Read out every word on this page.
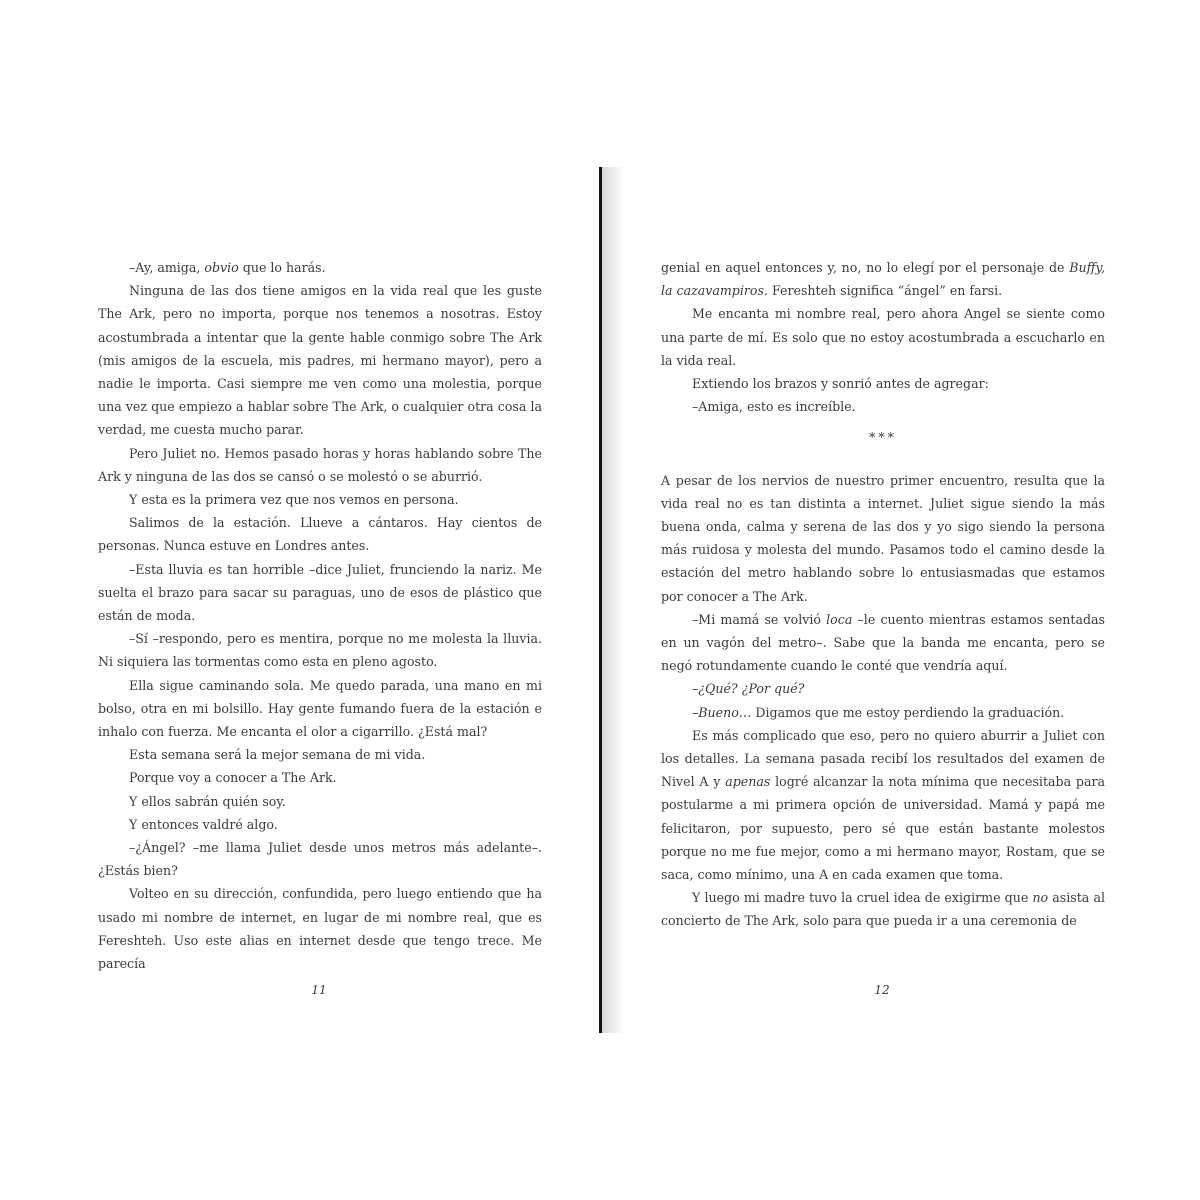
–Ay, amiga, obvio que lo harás.

Ninguna de las dos tiene amigos en la vida real que les guste The Ark, pero no importa, porque nos tenemos a nosotras. Estoy acostumbrada a intentar que la gente hable conmigo sobre The Ark (mis amigos de la escuela, mis padres, mi hermano mayor), pero a nadie le importa. Casi siempre me ven como una molestia, porque una vez que empiezo a hablar sobre The Ark, o cualquier otra cosa la verdad, me cuesta mucho parar.

Pero Juliet no. Hemos pasado horas y horas hablando sobre The Ark y ninguna de las dos se cansó o se molestó o se aburrió.

Y esta es la primera vez que nos vemos en persona.

Salimos de la estación. Llueve a cántaros. Hay cientos de personas. Nunca estuve en Londres antes.

–Esta lluvia es tan horrible –dice Juliet, frunciendo la nariz. Me suelta el brazo para sacar su paraguas, uno de esos de plástico que están de moda.

–Sí –respondo, pero es mentira, porque no me molesta la lluvia. Ni siquiera las tormentas como esta en pleno agosto.

Ella sigue caminando sola. Me quedo parada, una mano en mi bolso, otra en mi bolsillo. Hay gente fumando fuera de la estación e inhalo con fuerza. Me encanta el olor a cigarrillo. ¿Está mal?

Esta semana será la mejor semana de mi vida.

Porque voy a conocer a The Ark.

Y ellos sabrán quién soy.

Y entonces valdré algo.

–¿Ángel? –me llama Juliet desde unos metros más adelante–. ¿Estás bien?

Volteo en su dirección, confundida, pero luego entiendo que ha usado mi nombre de internet, en lugar de mi nombre real, que es Fereshteh. Uso este alias en internet desde que tengo trece. Me parecía

11

genial en aquel entonces y, no, no lo elegí por el personaje de Buffy, la cazavampiros. Fereshteh significa “ángel” en farsi.

Me encanta mi nombre real, pero ahora Angel se siente como una parte de mí. Es solo que no estoy acostumbrada a escucharlo en la vida real.

Extiendo los brazos y sonrió antes de agregar:

–Amiga, esto es increíble.

***

A pesar de los nervios de nuestro primer encuentro, resulta que la vida real no es tan distinta a internet. Juliet sigue siendo la más buena onda, calma y serena de las dos y yo sigo siendo la persona más ruidosa y molesta del mundo. Pasamos todo el camino desde la estación del metro hablando sobre lo entusiasmadas que estamos por conocer a The Ark.

–Mi mamá se volvió loca –le cuento mientras estamos sentadas en un vagón del metro–. Sabe que la banda me encanta, pero se negó rotundamente cuando le conté que vendría aquí.

–¿Qué? ¿Por qué?

–Bueno… Digamos que me estoy perdiendo la graduación.

Es más complicado que eso, pero no quiero aburrir a Juliet con los detalles. La semana pasada recibí los resultados del examen de Nivel A y apenas logré alcanzar la nota mínima que necesitaba para postularme a mi primera opción de universidad. Mamá y papá me felicitaron, por supuesto, pero sé que están bastante molestos porque no me fue mejor, como a mi hermano mayor, Rostam, que se saca, como mínimo, una A en cada examen que toma.

Y luego mi madre tuvo la cruel idea de exigirme que no asista al concierto de The Ark, solo para que pueda ir a una ceremonia de

12
